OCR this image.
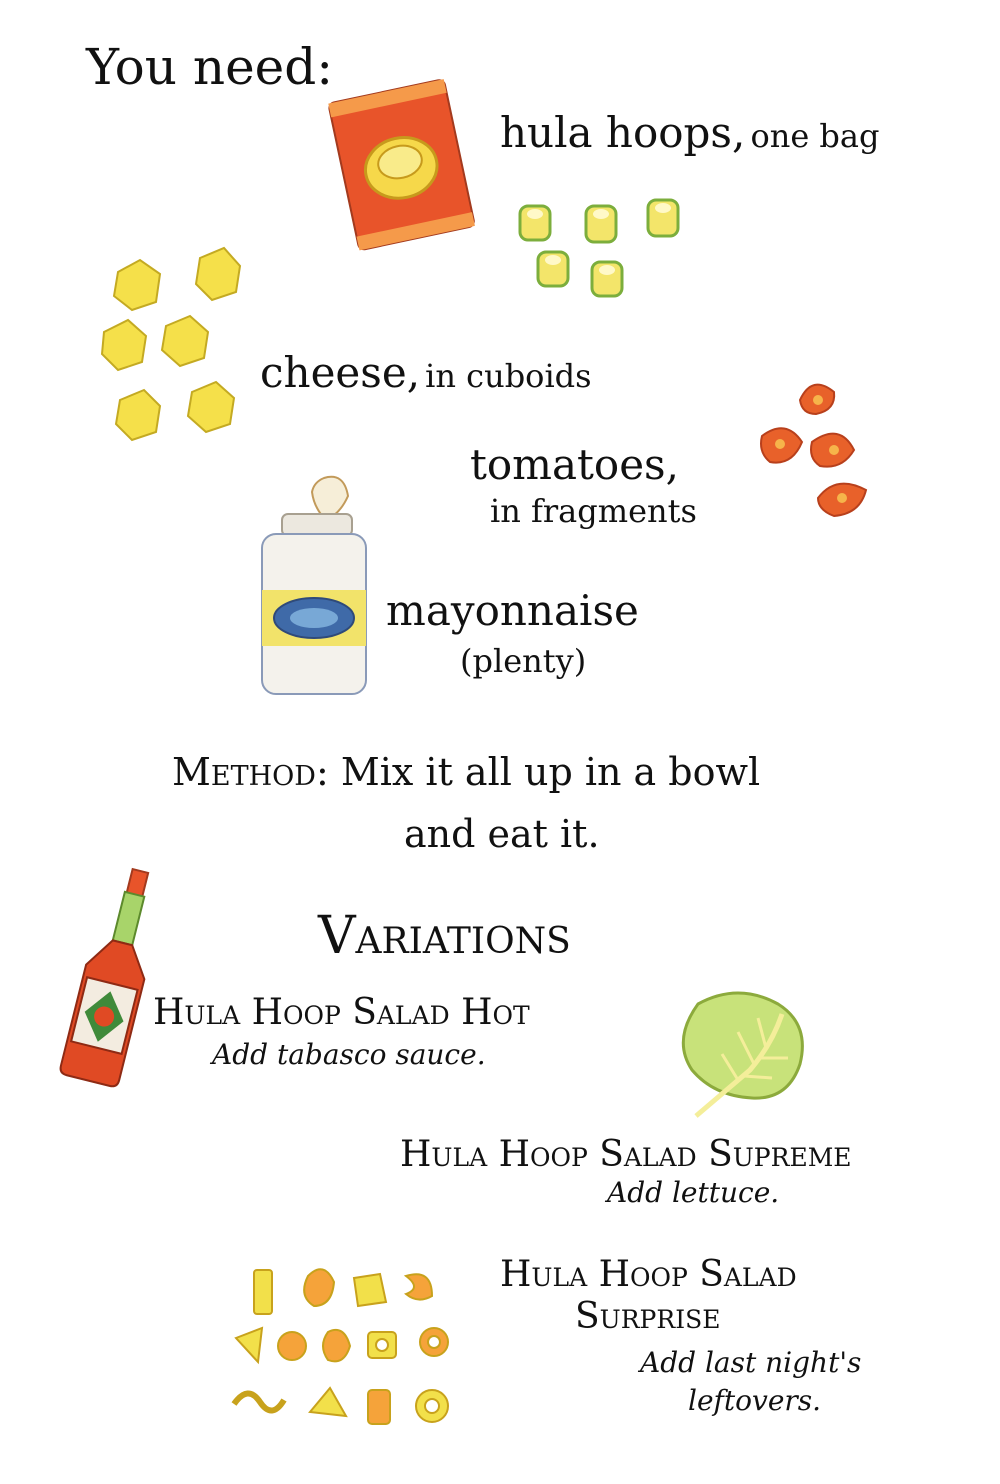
You need:
hula hoops, one bag
cheese, in cuboids
tomatoes,
in fragments
mayonnaise
(plenty)
Method: Mix it all up in a bowl
and eat it.
Variations
Hula Hoop Salad Hot
Add tabasco sauce.
Hula Hoop Salad Supreme
Add lettuce.
Hula Hoop Salad
Surprise
Add last night's
leftovers.
